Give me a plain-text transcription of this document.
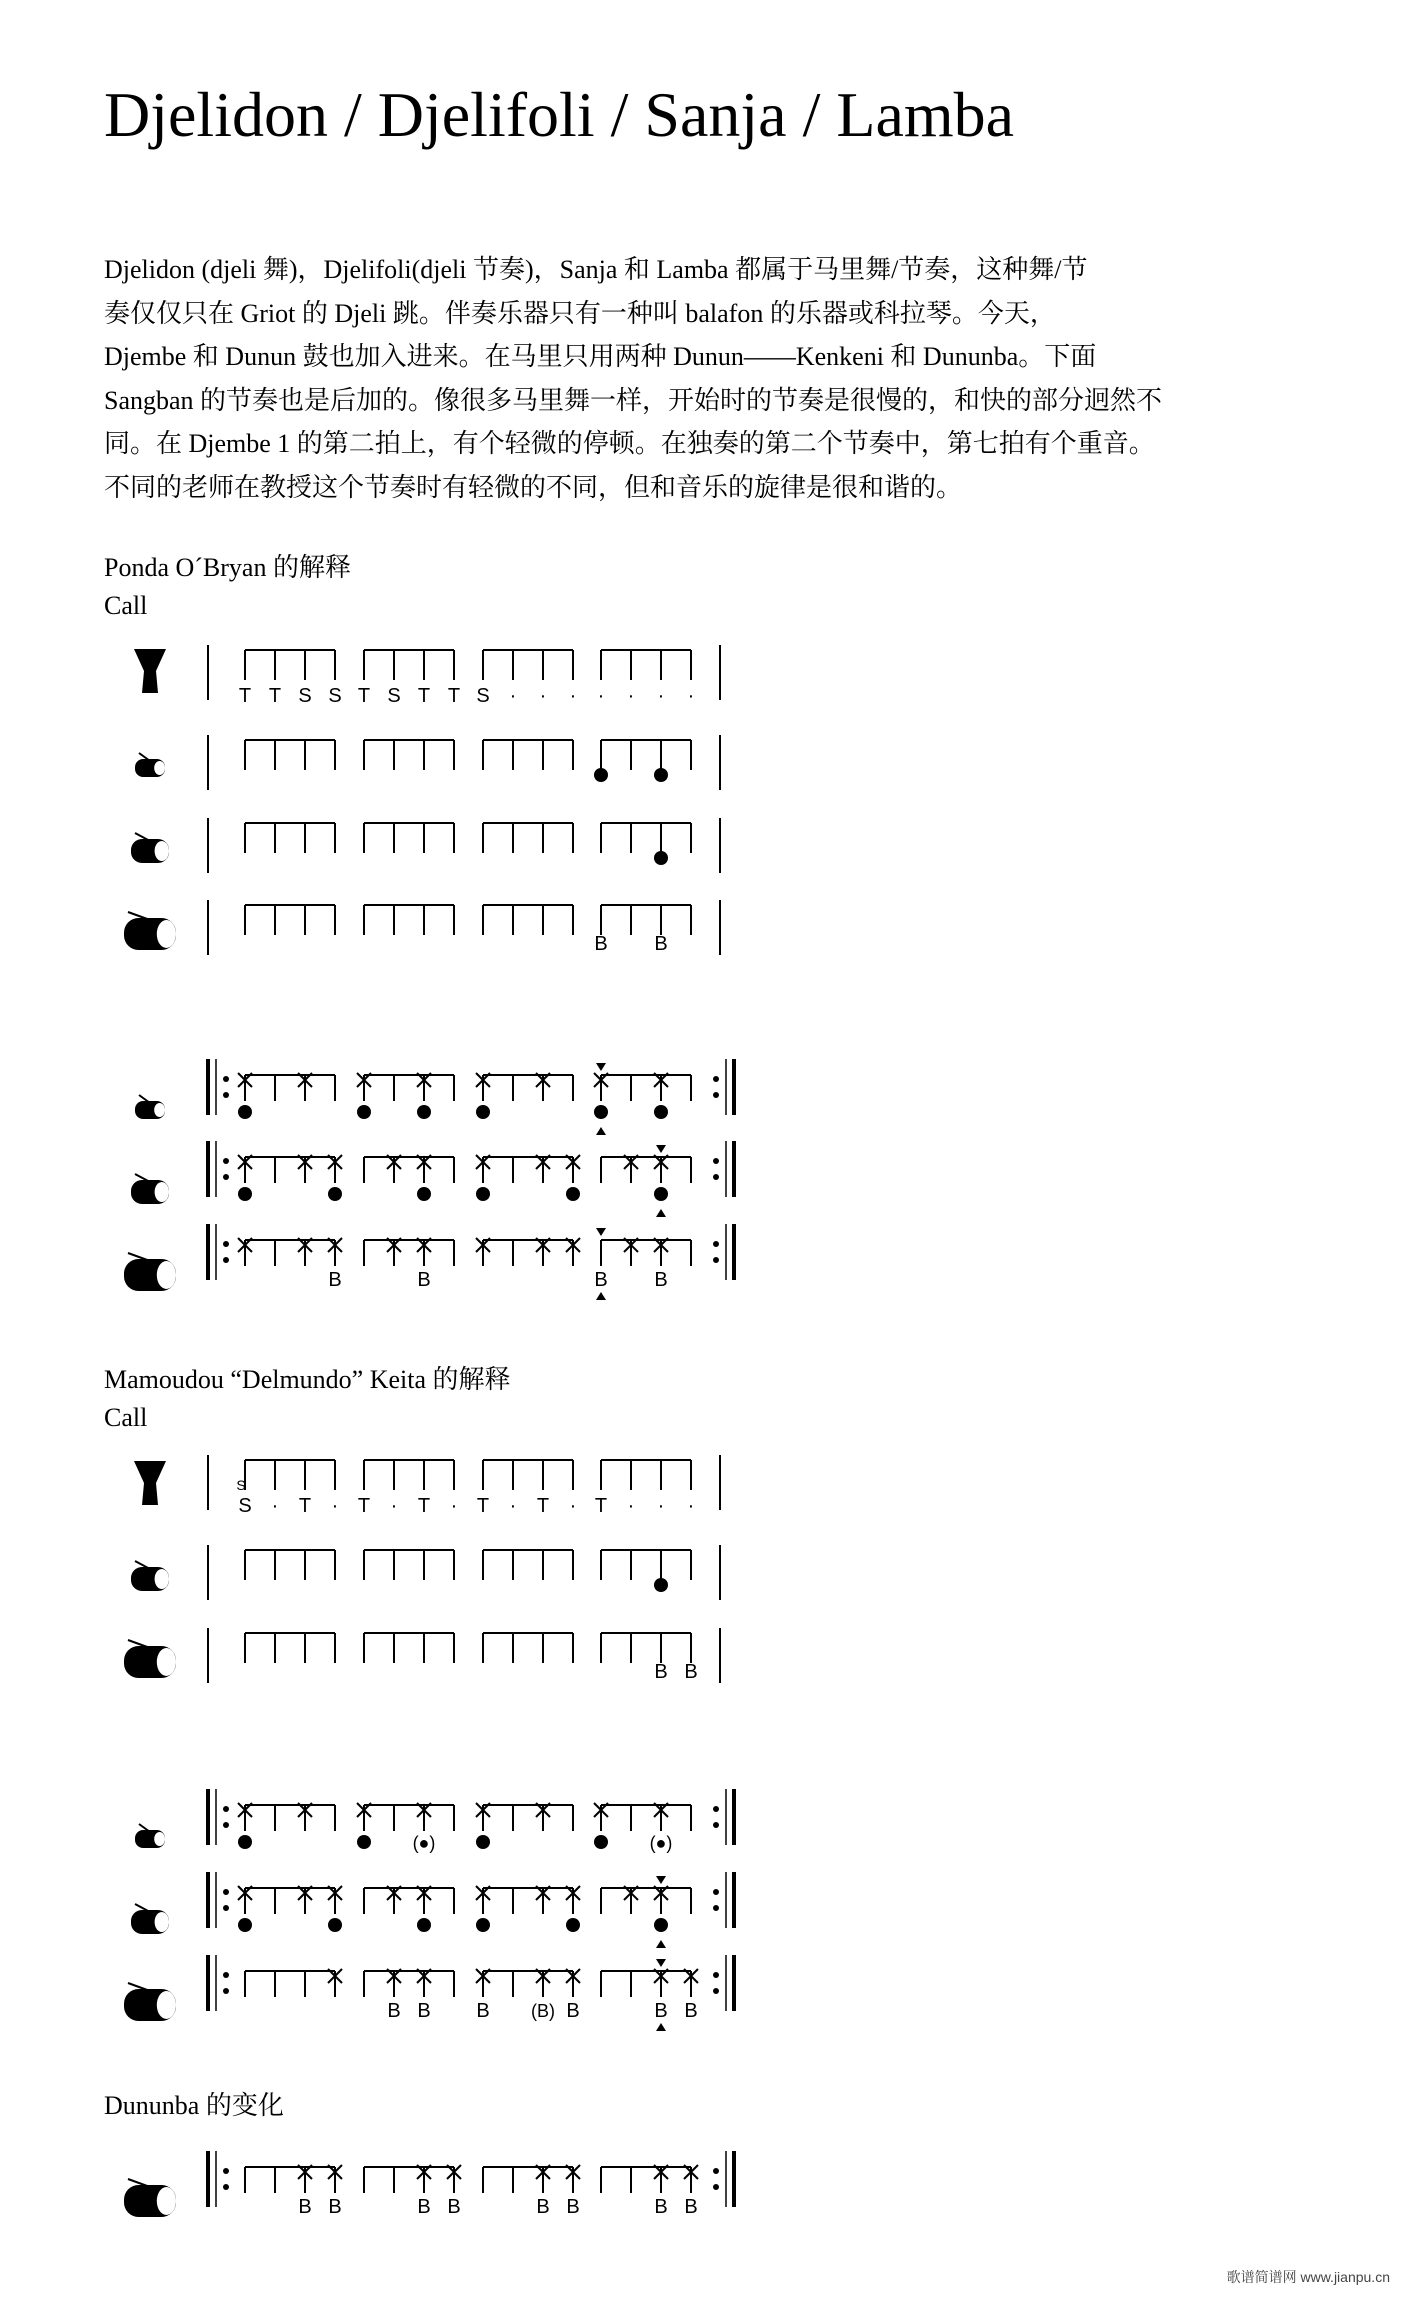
Djelidon / Djelifoli / Sanja / Lamba
Djelidon (djeli 舞)，Djelifoli(djeli 节奏)，Sanja 和 Lamba 都属于马里舞/节奏，这种舞/节
奏仅仅只在 Griot 的 Djeli 跳。伴奏乐器只有一种叫 balafon 的乐器或科拉琴。今天，
Djembe 和 Dunun 鼓也加入进来。在马里只用两种 Dunun——Kenkeni 和 Dununba。下面
Sangban 的节奏也是后加的。像很多马里舞一样，开始时的节奏是很慢的，和快的部分迥然不
同。在 Djembe 1 的第二拍上，有个轻微的停顿。在独奏的第二个节奏中，第七拍有个重音。
不同的老师在教授这个节奏时有轻微的不同，但和音乐的旋律是很和谐的。
Ponda O´Bryan 的解释
Call
Mamoudou “Delmundo” Keita 的解释
Call
Dununba 的变化
T T S S T S T T S · · · · · · ·
B B
B	B	B B
S · T · T · T · T · T · T · · ·
S
B B
(●)	(●)
B B B	B	B B
(B)
B B	B B	B B	B B
歌谱简谱网 www.jianpu.cn
